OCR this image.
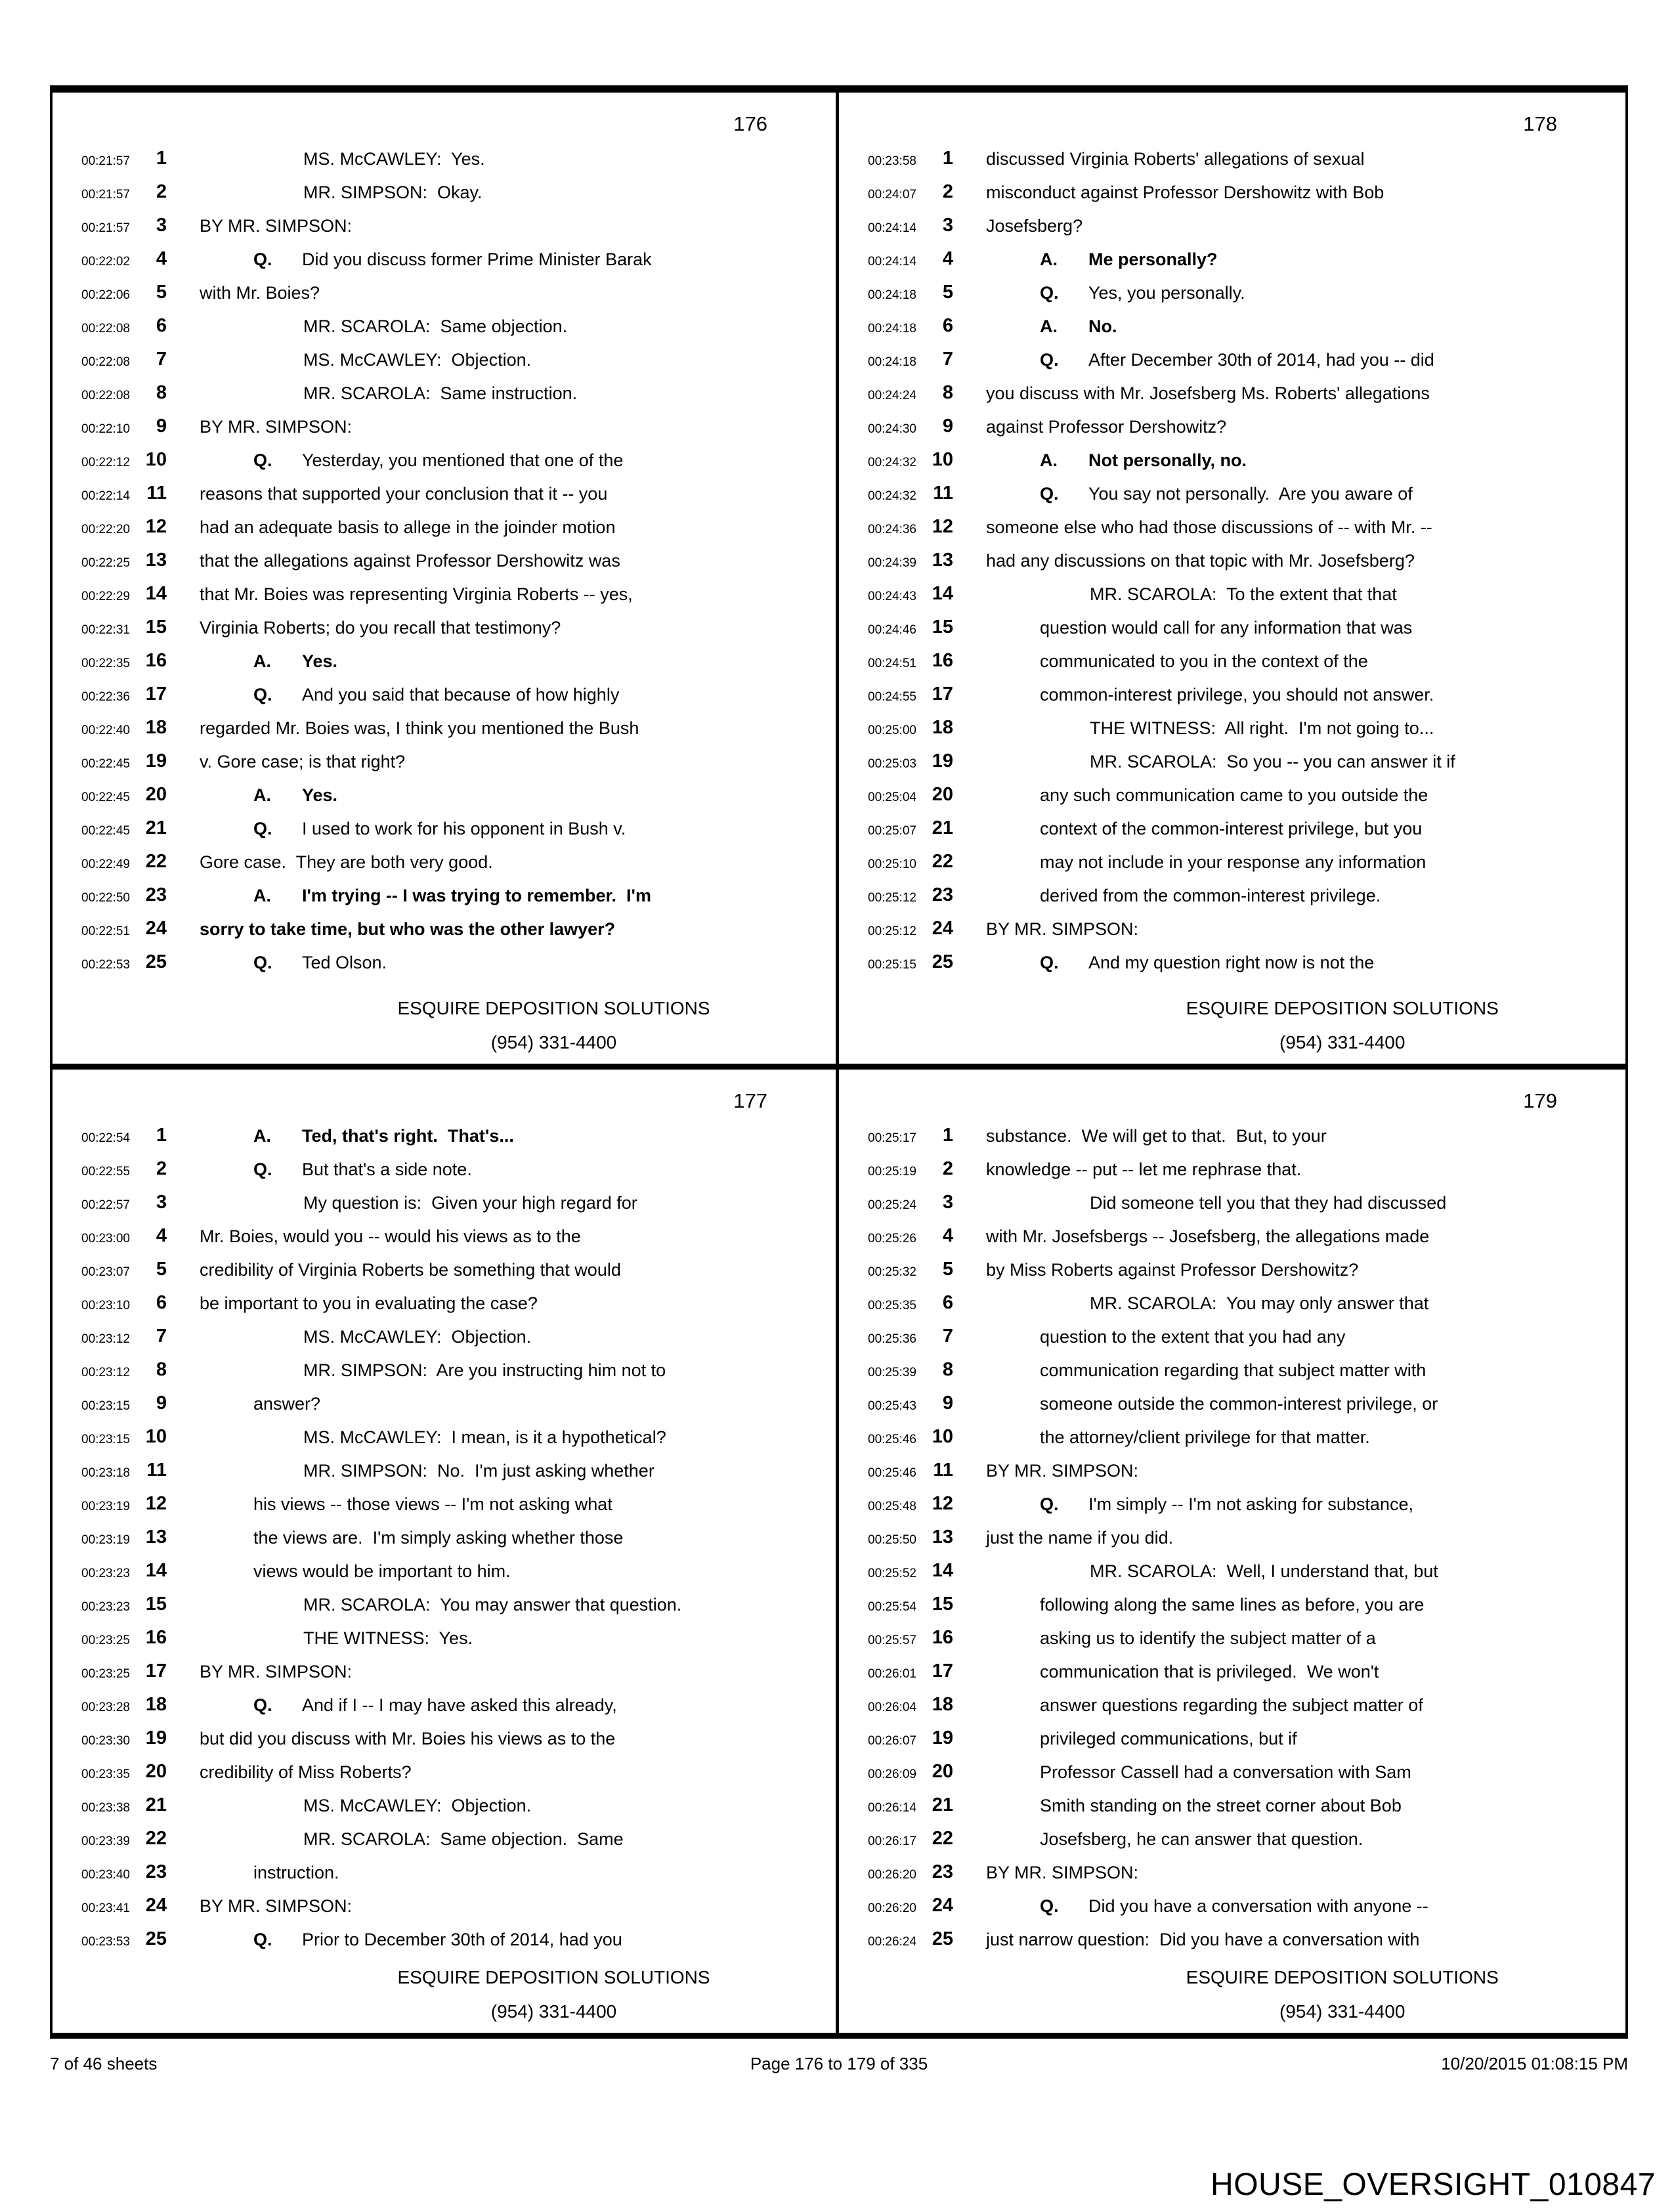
176
00:21:57	1	MS. McCAWLEY:  Yes.
00:21:57	2	MR. SIMPSON:  Okay.
00:21:57	3 BY MR. SIMPSON:
00:22:02	4	Q. Did you discuss former Prime Minister Barak
00:22:06	5 with Mr. Boies?
00:22:08	6	MR. SCAROLA:  Same objection.
00:22:08	7	MS. McCAWLEY:  Objection.
00:22:08	8	MR. SCAROLA:  Same instruction.
00:22:10	9 BY MR. SIMPSON:
00:22:12 10	Q. Yesterday, you mentioned that one of the
00:22:14 11 reasons that supported your conclusion that it -- you
00:22:20 12 had an adequate basis to allege in the joinder motion
00:22:25 13 that the allegations against Professor Dershowitz was
00:22:29 14 that Mr. Boies was representing Virginia Roberts -- yes,
00:22:31 15 Virginia Roberts; do you recall that testimony?
00:22:35 16	A. Yes.
00:22:36 17	Q. And you said that because of how highly
00:22:40 18 regarded Mr. Boies was, I think you mentioned the Bush
00:22:45 19 v. Gore case; is that right?
00:22:45 20	A. Yes.
00:22:45 21	Q. I used to work for his opponent in Bush v.
00:22:49 22 Gore case.  They are both very good.
00:22:50 23	A. I'm trying -- I was trying to remember.  I'm
00:22:51 24 sorry to take time, but who was the other lawyer?
00:22:53 25	Q. Ted Olson.
ESQUIRE DEPOSITION SOLUTIONS
(954) 331-4400
178
00:23:58	1 discussed Virginia Roberts' allegations of sexual
00:24:07	2 misconduct against Professor Dershowitz with Bob
00:24:14	3 Josefsberg?
00:24:14	4	A. Me personally?
00:24:18	5	Q. Yes, you personally.
00:24:18	6	A. No.
00:24:18	7	Q. After December 30th of 2014, had you -- did
00:24:24	8 you discuss with Mr. Josefsberg Ms. Roberts' allegations
00:24:30	9 against Professor Dershowitz?
00:24:32 10	A. Not personally, no.
00:24:32 11	Q. You say not personally.  Are you aware of
00:24:36 12 someone else who had those discussions of -- with Mr. --
00:24:39 13 had any discussions on that topic with Mr. Josefsberg?
00:24:43 14	MR. SCAROLA:  To the extent that that
00:24:46 15	question would call for any information that was
00:24:51 16	communicated to you in the context of the
00:24:55 17	common-interest privilege, you should not answer.
00:25:00 18	THE WITNESS:  All right.  I'm not going to...
00:25:03 19	MR. SCAROLA:  So you -- you can answer it if
00:25:04 20	any such communication came to you outside the
00:25:07 21	context of the common-interest privilege, but you
00:25:10 22	may not include in your response any information
00:25:12 23	derived from the common-interest privilege.
00:25:12 24 BY MR. SIMPSON:
00:25:15 25	Q. And my question right now is not the
ESQUIRE DEPOSITION SOLUTIONS
(954) 331-4400
177
00:22:54	1	A. Ted, that's right.  That's...
00:22:55	2	Q. But that's a side note.
00:22:57	3	My question is:  Given your high regard for
00:23:00	4 Mr. Boies, would you -- would his views as to the
00:23:07	5 credibility of Virginia Roberts be something that would
00:23:10	6 be important to you in evaluating the case?
00:23:12	7	MS. McCAWLEY:  Objection.
00:23:12	8	MR. SIMPSON:  Are you instructing him not to
00:23:15	9	answer?
00:23:15 10	MS. McCAWLEY:  I mean, is it a hypothetical?
00:23:18 11	MR. SIMPSON:  No.  I'm just asking whether
00:23:19 12	his views -- those views -- I'm not asking what
00:23:19 13	the views are.  I'm simply asking whether those
00:23:23 14	views would be important to him.
00:23:23 15	MR. SCAROLA:  You may answer that question.
00:23:25 16	THE WITNESS:  Yes.
00:23:25 17 BY MR. SIMPSON:
00:23:28 18	Q. And if I -- I may have asked this already,
00:23:30 19 but did you discuss with Mr. Boies his views as to the
00:23:35 20 credibility of Miss Roberts?
00:23:38 21	MS. McCAWLEY:  Objection.
00:23:39 22	MR. SCAROLA:  Same objection.  Same
00:23:40 23	instruction.
00:23:41 24 BY MR. SIMPSON:
00:23:53 25	Q. Prior to December 30th of 2014, had you
ESQUIRE DEPOSITION SOLUTIONS
(954) 331-4400
179
00:25:17	1 substance.  We will get to that.  But, to your
00:25:19	2 knowledge -- put -- let me rephrase that.
00:25:24	3	Did someone tell you that they had discussed
00:25:26	4 with Mr. Josefsbergs -- Josefsberg, the allegations made
00:25:32	5 by Miss Roberts against Professor Dershowitz?
00:25:35	6	MR. SCAROLA:  You may only answer that
00:25:36	7	question to the extent that you had any
00:25:39	8	communication regarding that subject matter with
00:25:43	9	someone outside the common-interest privilege, or
00:25:46 10	the attorney/client privilege for that matter.
00:25:46 11 BY MR. SIMPSON:
00:25:48 12	Q. I'm simply -- I'm not asking for substance,
00:25:50 13 just the name if you did.
00:25:52 14	MR. SCAROLA:  Well, I understand that, but
00:25:54 15	following along the same lines as before, you are
00:25:57 16	asking us to identify the subject matter of a
00:26:01 17	communication that is privileged.  We won't
00:26:04 18	answer questions regarding the subject matter of
00:26:07 19	privileged communications, but if
00:26:09 20	Professor Cassell had a conversation with Sam
00:26:14 21	Smith standing on the street corner about Bob
00:26:17 22	Josefsberg, he can answer that question.
00:26:20 23 BY MR. SIMPSON:
00:26:20 24	Q. Did you have a conversation with anyone --
00:26:24 25 just narrow question:  Did you have a conversation with
ESQUIRE DEPOSITION SOLUTIONS
(954) 331-4400
7 of 46 sheets	Page 176 to 179 of 335	10/20/2015 01:08:15 PM
HOUSE_OVERSIGHT_010847
